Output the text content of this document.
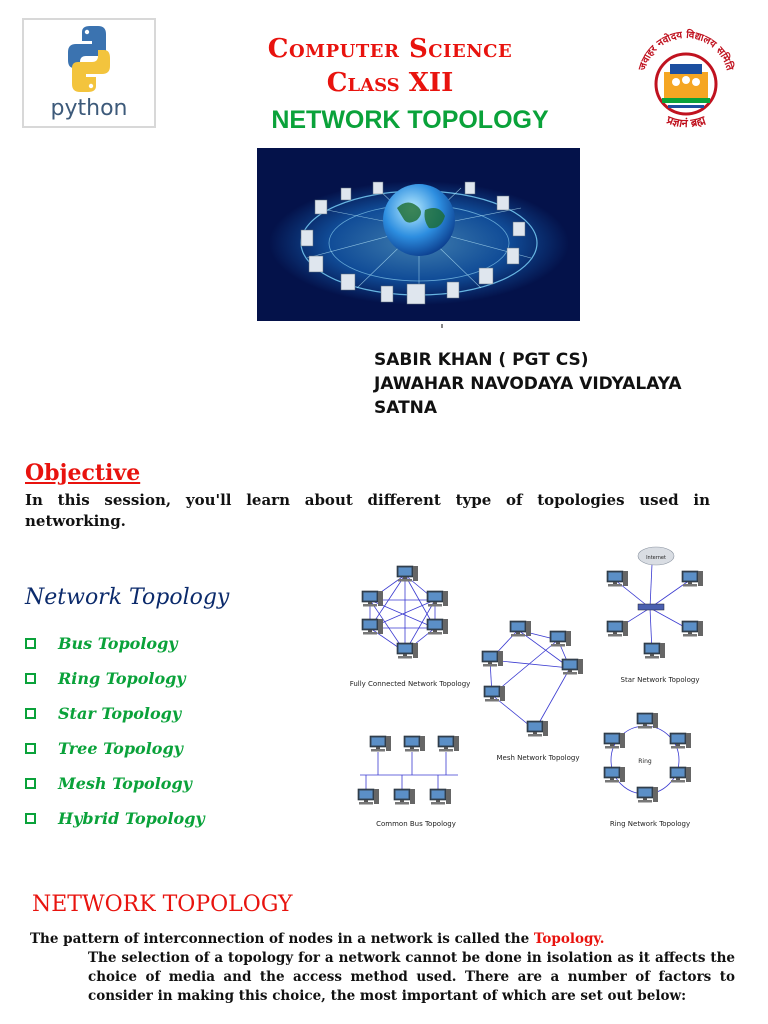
python
Computer Science
Class XII
NETWORK TOPOLOGY
जवाहर नवोदय विद्यालय समिति
प्रज्ञानं ब्रह्म
SABIR KHAN ( PGT CS)
JAWAHAR NAVODAYA VIDYALAYA
SATNA
Objective
In this session, you'll learn about different type of topologies used in networking.
Network Topology
Bus Topology
Ring Topology
Star Topology
Tree Topology
Mesh Topology
Hybrid Topology
Internet
Ring
Fully Connected Network Topology
Mesh Network Topology
Star Network Topology
Common Bus Topology	Ring Network Topology
NETWORK TOPOLOGY
The pattern of interconnection of nodes in a network is called the Topology.
The selection of a topology for a network cannot be done in isolation as it affects the choice of media and the access method used. There are a number of factors to consider in making this choice, the most important of which are set out below:
